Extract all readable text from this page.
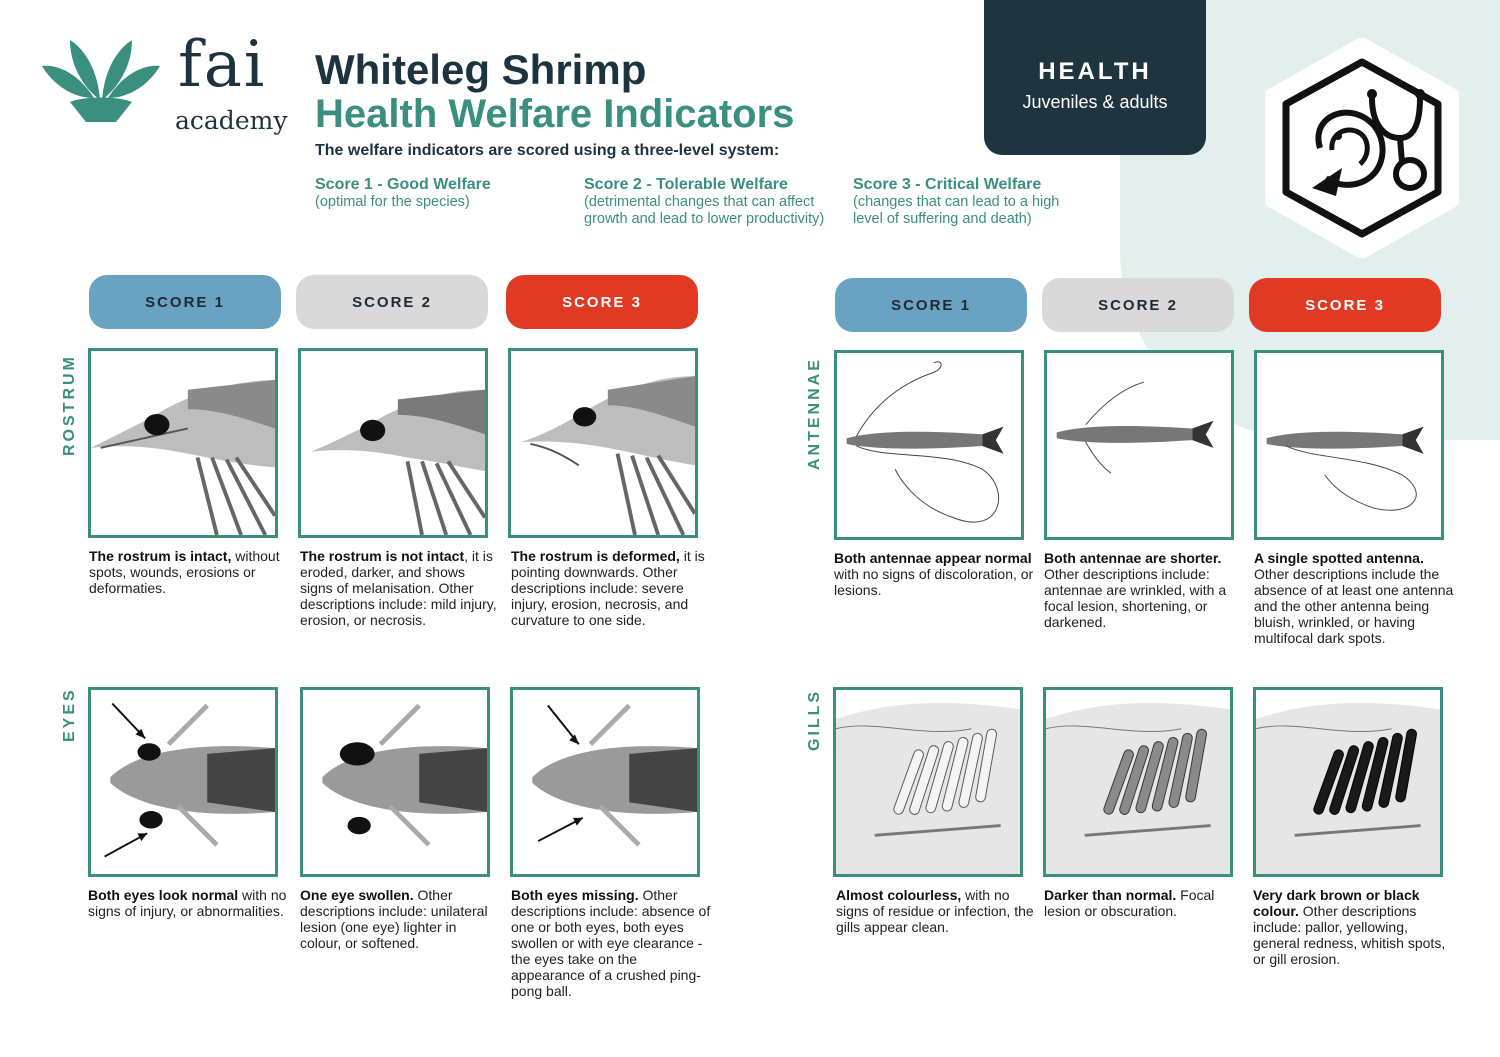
fai
academy
Whiteleg Shrimp
Health Welfare Indicators
The welfare indicators are scored using a three-level system:
Score 1 - Good Welfare
(optimal for the species)
Score 2 - Tolerable Welfare
(detrimental changes that can affect growth and lead to lower productivity)
Score 3 - Critical Welfare
(changes that can lead to a high level of suffering and death)
HEALTH
Juveniles & adults
SCORE 1	SCORE 2	SCORE 3	SCORE 1	SCORE 2	SCORE 3
ROSTRUM
The rostrum is intact, without spots, wounds, erosions or deformaties.
The rostrum is not intact, it is eroded, darker, and shows signs of melanisation. Other descriptions include: mild injury, erosion, or necrosis.
The rostrum is deformed, it is pointing downwards. Other descriptions include: severe injury, erosion, necrosis, and curvature to one side.
ANTENNAE
Both antennae appear normal with no signs of discoloration, or lesions.
Both antennae are shorter. Other descriptions include: antennae are wrinkled, with a focal lesion, shortening, or darkened.
A single spotted antenna. Other descriptions include the absence of at least one antenna and the other antenna being bluish, wrinkled, or having multifocal dark spots.
EYES
Both eyes look normal with no signs of injury, or abnormalities.
One eye swollen. Other descriptions include: unilateral lesion (one eye) lighter in colour, or softened.
Both eyes missing. Other descriptions include: absence of one or both eyes, both eyes swollen or with eye clearance - the eyes take on the appearance of a crushed ping-pong ball.
GILLS
Almost colourless, with no signs of residue or infection, the gills appear clean.
Darker than normal. Focal lesion or obscuration.
Very dark brown or black colour. Other descriptions include: pallor, yellowing, general redness, whitish spots, or gill erosion.
